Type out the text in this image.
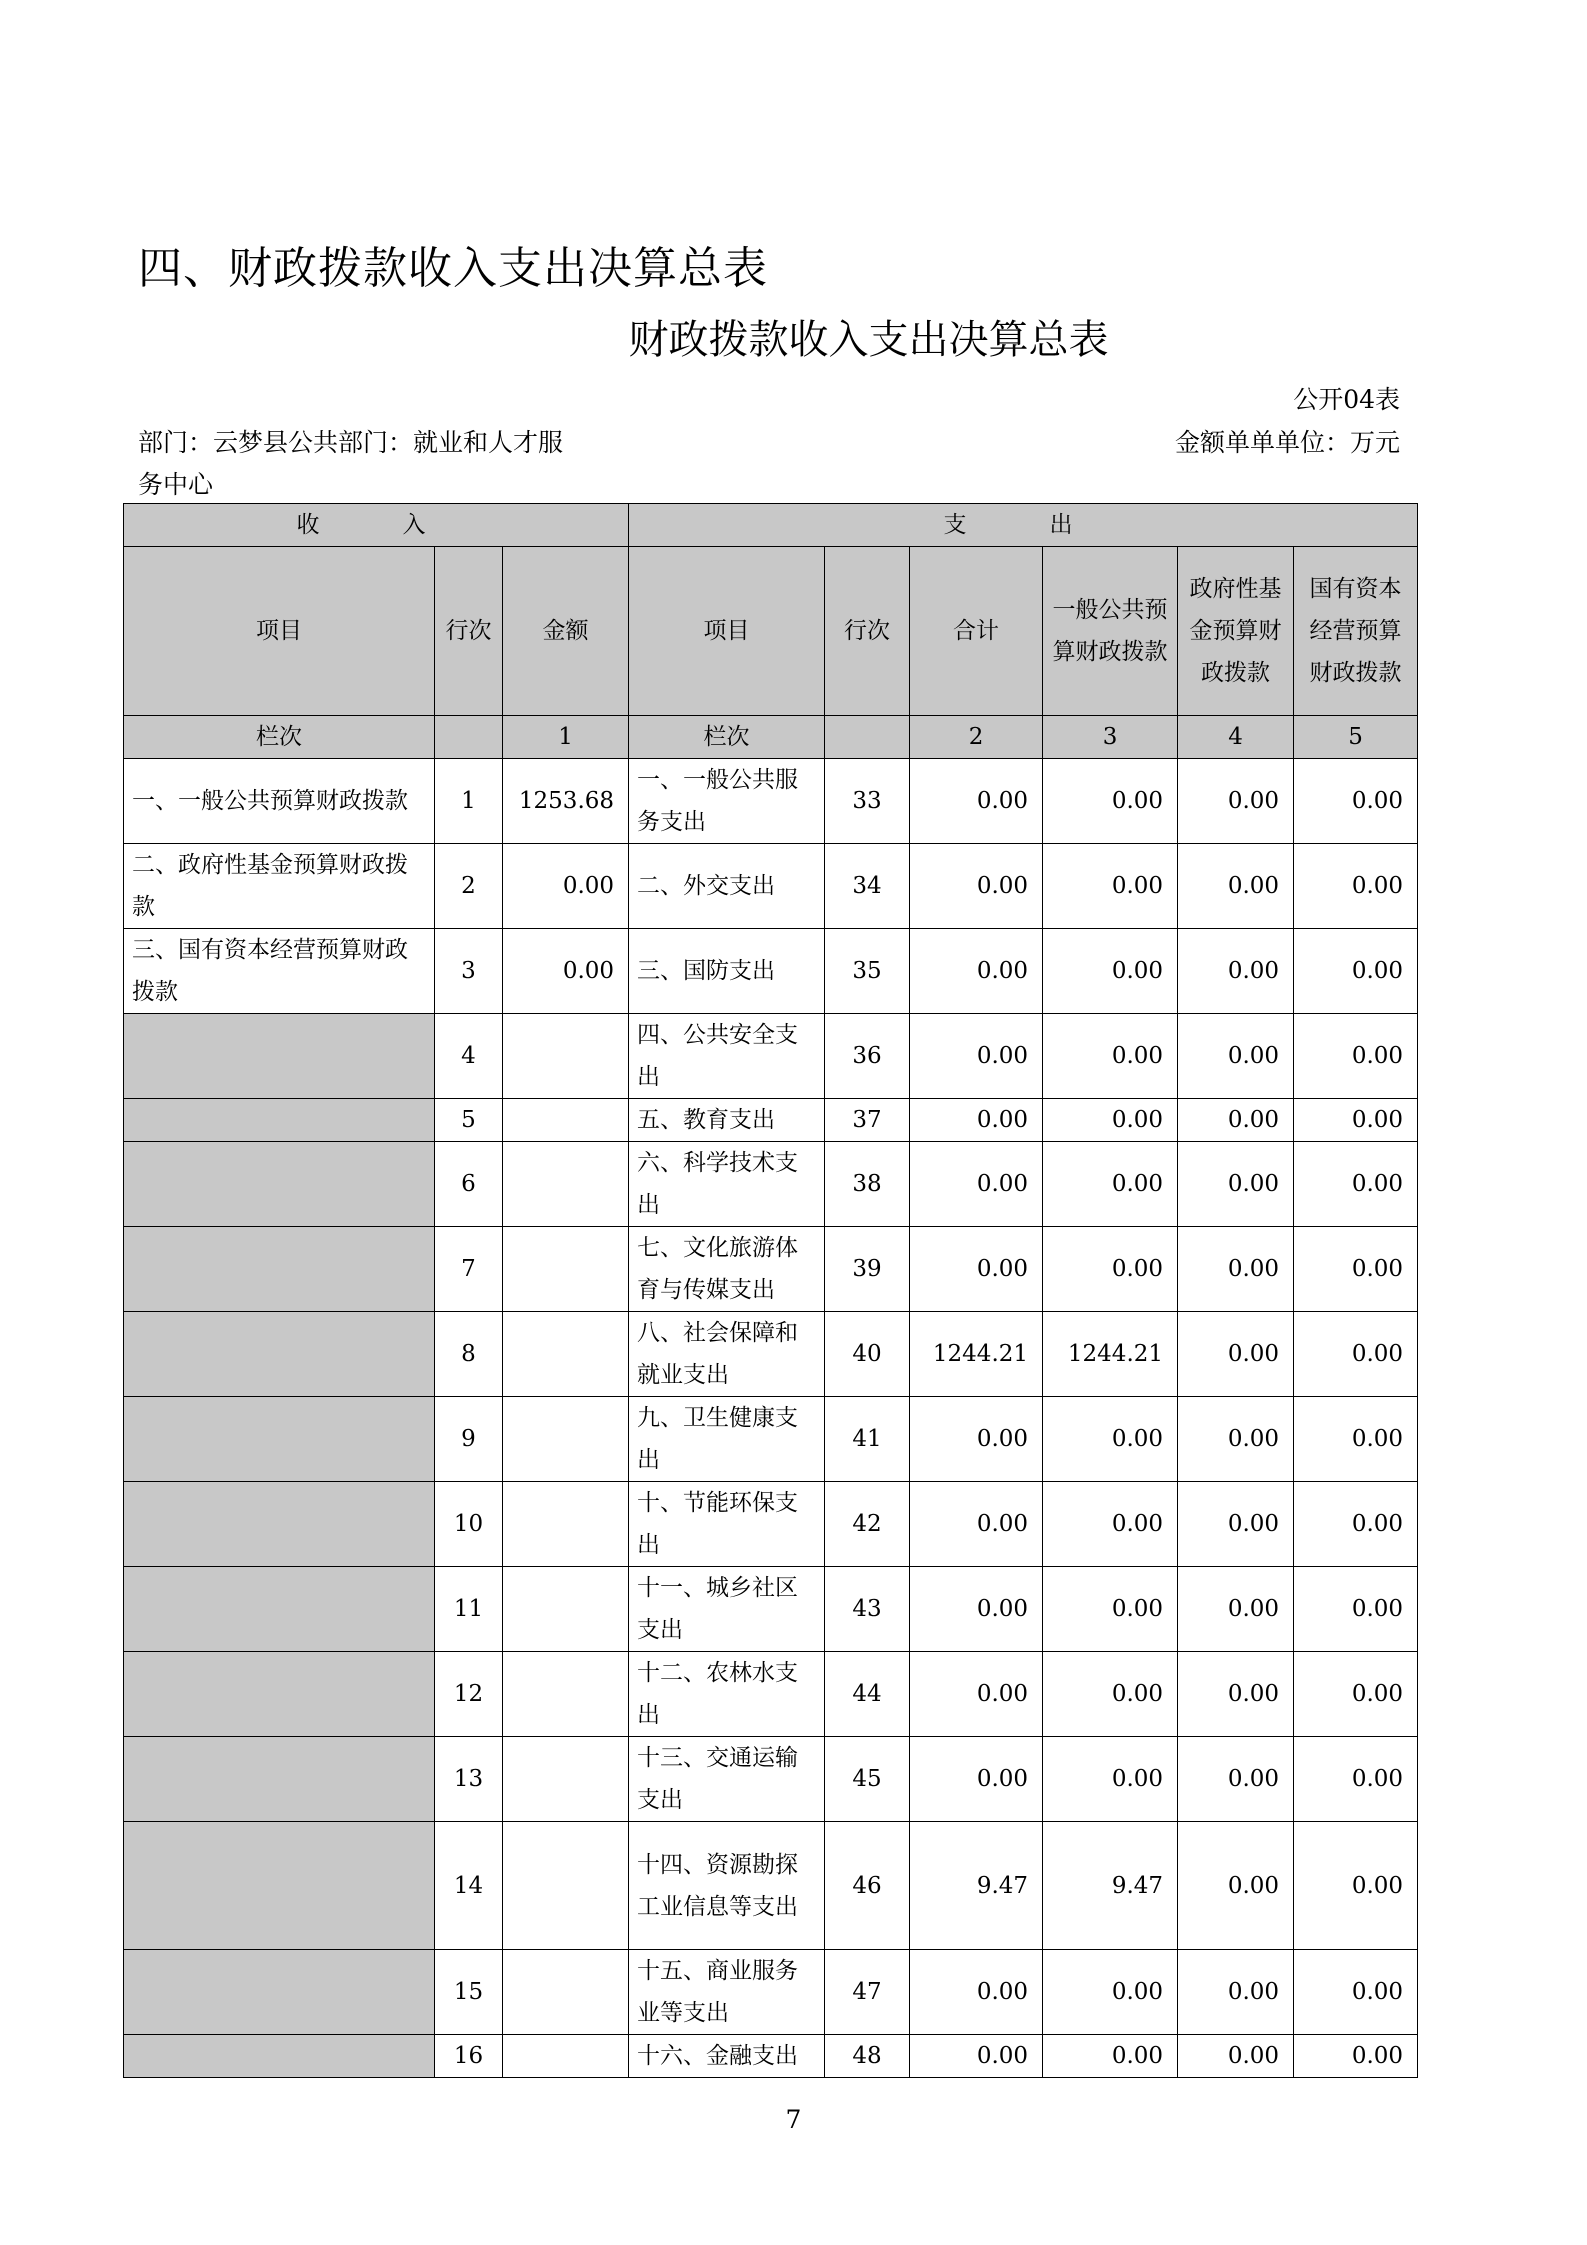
四、财政拨款收入支出决算总表
财政拨款收入支出决算总表
公开04表
部门：云梦县公共部门：就业和人才服务中心
金额单单单位：万元
收　入			支　出					
项目	行次	金额	项目	行次	合计	一般公共预算财政拨款	政府性基金预算财政拨款	国有资本经营预算财政拨款
栏次		1	栏次		2	3	4	5
一、一般公共预算财政拨款	1	1253.68	一、一般公共服务支出	33	0.00	0.00	0.00	0.00
二、政府性基金预算财政拨款	2	0.00	二、外交支出	34	0.00	0.00	0.00	0.00
三、国有资本经营预算财政拨款	3	0.00	三、国防支出	35	0.00	0.00	0.00	0.00
	4		四、公共安全支出	36	0.00	0.00	0.00	0.00
	5		五、教育支出	37	0.00	0.00	0.00	0.00
	6		六、科学技术支出	38	0.00	0.00	0.00	0.00
	7		七、文化旅游体育与传媒支出	39	0.00	0.00	0.00	0.00
	8		八、社会保障和就业支出	40	1244.21	1244.21	0.00	0.00
	9		九、卫生健康支出	41	0.00	0.00	0.00	0.00
	10		十、节能环保支出	42	0.00	0.00	0.00	0.00
	11		十一、城乡社区支出	43	0.00	0.00	0.00	0.00
	12		十二、农林水支出	44	0.00	0.00	0.00	0.00
	13		十三、交通运输支出	45	0.00	0.00	0.00	0.00
	14		十四、资源勘探工业信息等支出	46	9.47	9.47	0.00	0.00
	15		十五、商业服务业等支出	47	0.00	0.00	0.00	0.00
	16		十六、金融支出	48	0.00	0.00	0.00	0.00
7
